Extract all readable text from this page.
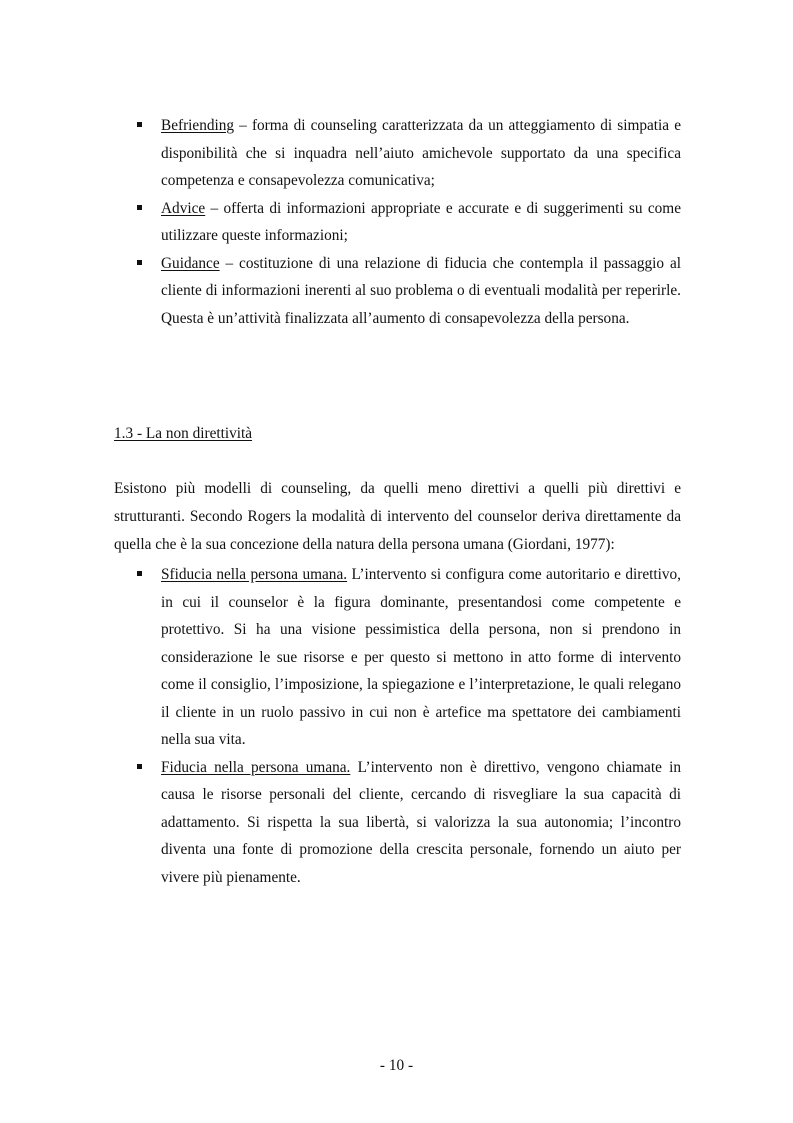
Befriending – forma di counseling caratterizzata da un atteggiamento di simpatia e disponibilità che si inquadra nell’aiuto amichevole supportato da una specifica competenza e consapevolezza comunicativa;
Advice – offerta di informazioni appropriate e accurate e di suggerimenti su come utilizzare queste informazioni;
Guidance – costituzione di una relazione di fiducia che contempla il passaggio al cliente di informazioni inerenti al suo problema o di eventuali modalità per reperirle. Questa è un’attività finalizzata all’aumento di consapevolezza della persona.
1.3 - La non direttività

Esistono più modelli di counseling, da quelli meno direttivi a quelli più direttivi e strutturanti. Secondo Rogers la modalità di intervento del counselor deriva direttamente da quella che è la sua concezione della natura della persona umana (Giordani, 1977):

Sfiducia nella persona umana. L’intervento si configura come autoritario e direttivo, in cui il counselor è la figura dominante, presentandosi come competente e protettivo. Si ha una visione pessimistica della persona, non si prendono in considerazione le sue risorse e per questo si mettono in atto forme di intervento come il consiglio, l’imposizione, la spiegazione e l’interpretazione, le quali relegano il cliente in un ruolo passivo in cui non è artefice ma spettatore dei cambiamenti nella sua vita.
Fiducia nella persona umana. L’intervento non è direttivo, vengono chiamate in causa le risorse personali del cliente, cercando di risvegliare la sua capacità di adattamento. Si rispetta la sua libertà, si valorizza la sua autonomia; l’incontro diventa una fonte di promozione della crescita personale, fornendo un aiuto per vivere più pienamente.

- 10 -
